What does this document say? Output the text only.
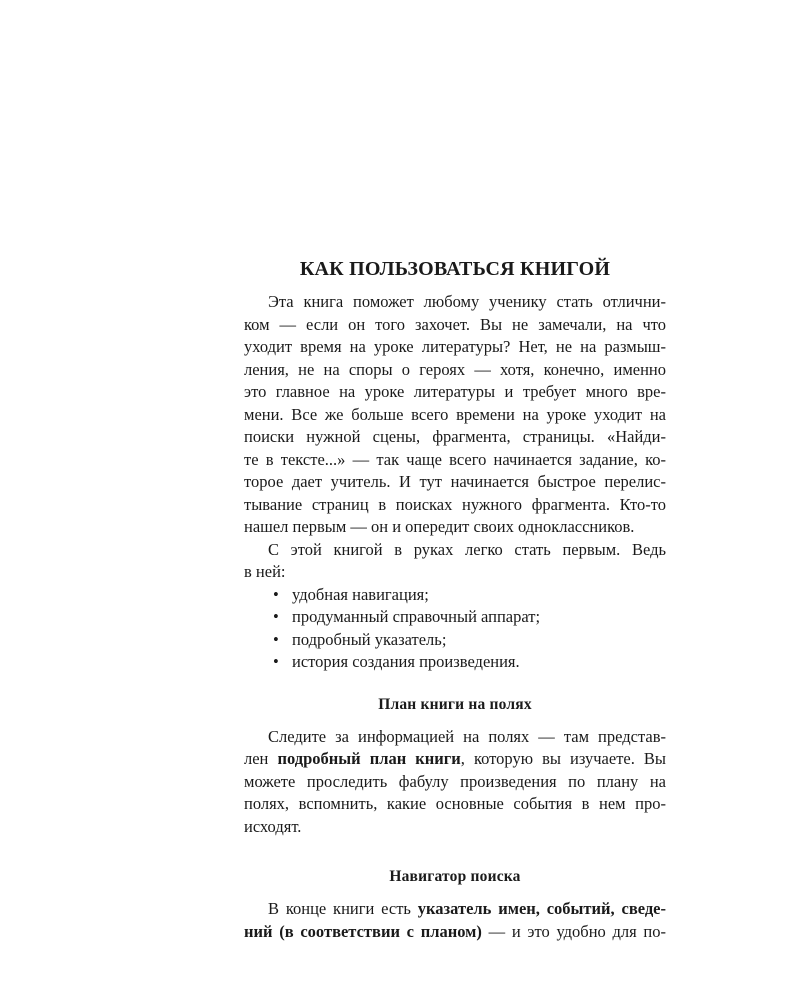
КАК ПОЛЬЗОВАТЬСЯ КНИГОЙ
Эта книга поможет любому ученику стать отлични-
ком — если он того захочет. Вы не замечали, на что
уходит время на уроке литературы? Нет, не на размыш-
ления, не на споры о героях — хотя, конечно, именно
это главное на уроке литературы и требует много вре-
мени. Все же больше всего времени на уроке уходит на
поиски нужной сцены, фрагмента, страницы. «Найди-
те в тексте...» — так чаще всего начинается задание, ко-
торое дает учитель. И тут начинается быстрое перелис-
тывание страниц в поисках нужного фрагмента. Кто-то
нашел первым — он и опередит своих одноклассников.
С этой книгой в руках легко стать первым. Ведь
в ней:
• удобная навигация;
• продуманный справочный аппарат;
• подробный указатель;
• история создания произведения.
План книги на полях
Следите за информацией на полях — там представ-
лен подробный план книги, которую вы изучаете. Вы
можете проследить фабулу произведения по плану на
полях, вспомнить, какие основные события в нем про-
исходят.
Навигатор поиска
В конце книги есть указатель имен, событий, сведе-
ний (в соответствии с планом) — и это удобно для по-
